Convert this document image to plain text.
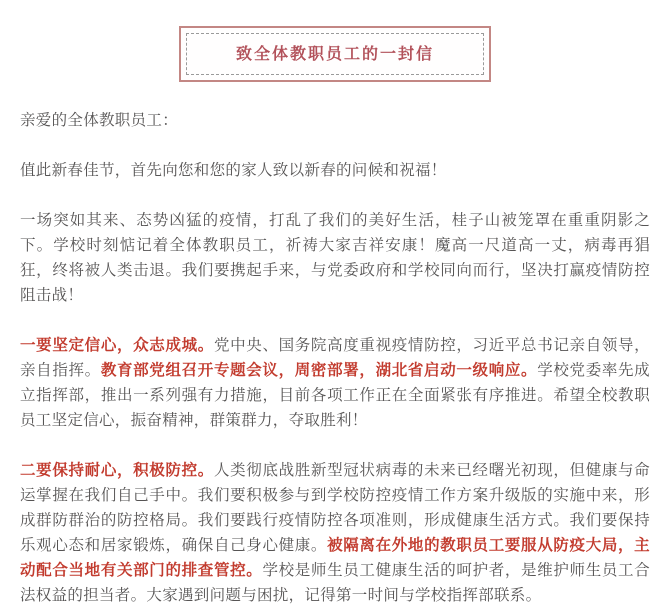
致全体教职员工的一封信

亲爱的全体教职员工：

值此新春佳节，首先向您和您的家人致以新春的问候和祝福！

一场突如其来、态势凶猛的疫情，打乱了我们的美好生活，桂子山被笼罩在重重阴影之下。学校时刻惦记着全体教职员工，祈祷大家吉祥安康！魔高一尺道高一丈，病毒再猖狂，终将被人类击退。我们要携起手来，与党委政府和学校同向而行，坚决打赢疫情防控阻击战！

一要坚定信心，众志成城。党中央、国务院高度重视疫情防控，习近平总书记亲自领导，亲自指挥。教育部党组召开专题会议，周密部署，湖北省启动一级响应。学校党委率先成立指挥部，推出一系列强有力措施，目前各项工作正在全面紧张有序推进。希望全校教职员工坚定信心，振奋精神，群策群力，夺取胜利！

二要保持耐心，积极防控。人类彻底战胜新型冠状病毒的未来已经曙光初现，但健康与命运掌握在我们自己手中。我们要积极参与到学校防控疫情工作方案升级版的实施中来，形成群防群治的防控格局。我们要践行疫情防控各项准则，形成健康生活方式。我们要保持乐观心态和居家锻炼，确保自己身心健康。被隔离在外地的教职员工要服从防疫大局，主动配合当地有关部门的排查管控。学校是师生员工健康生活的呵护者，是维护师生员工合法权益的担当者。大家遇到问题与困扰，记得第一时间与学校指挥部联系。
